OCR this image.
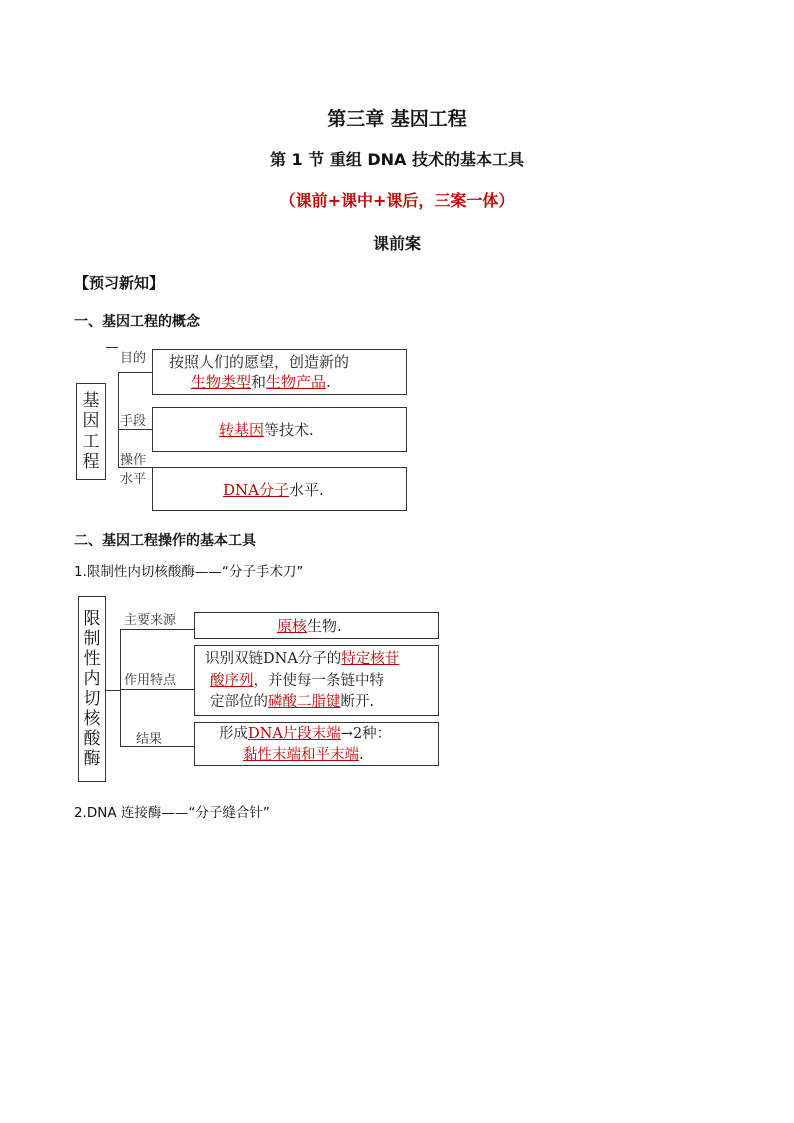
第三章 基因工程
第 1 节 重组 DNA 技术的基本工具
（课前+课中+课后，三案一体）
课前案
【预习新知】
一、基因工程的概念
基
因
工
程
目的
手段
操作
水平
按照人们的愿望，创造新的
生物类型和生物产品.
转基因等技术.
DNA分子水平.
二、基因工程操作的基本工具
1.限制性内切核酸酶——“分子手术刀”
限
制
性
内
切
核
酸
酶
主要来源
作用特点
结果
原核生物.
识别双链DNA分子的特定核苷
酸序列，并使每一条链中特
定部位的磷酸二脂键断开.
形成DNA片段末端→2种：
黏性末端和平末端.
2.DNA 连接酶——“分子缝合针”
